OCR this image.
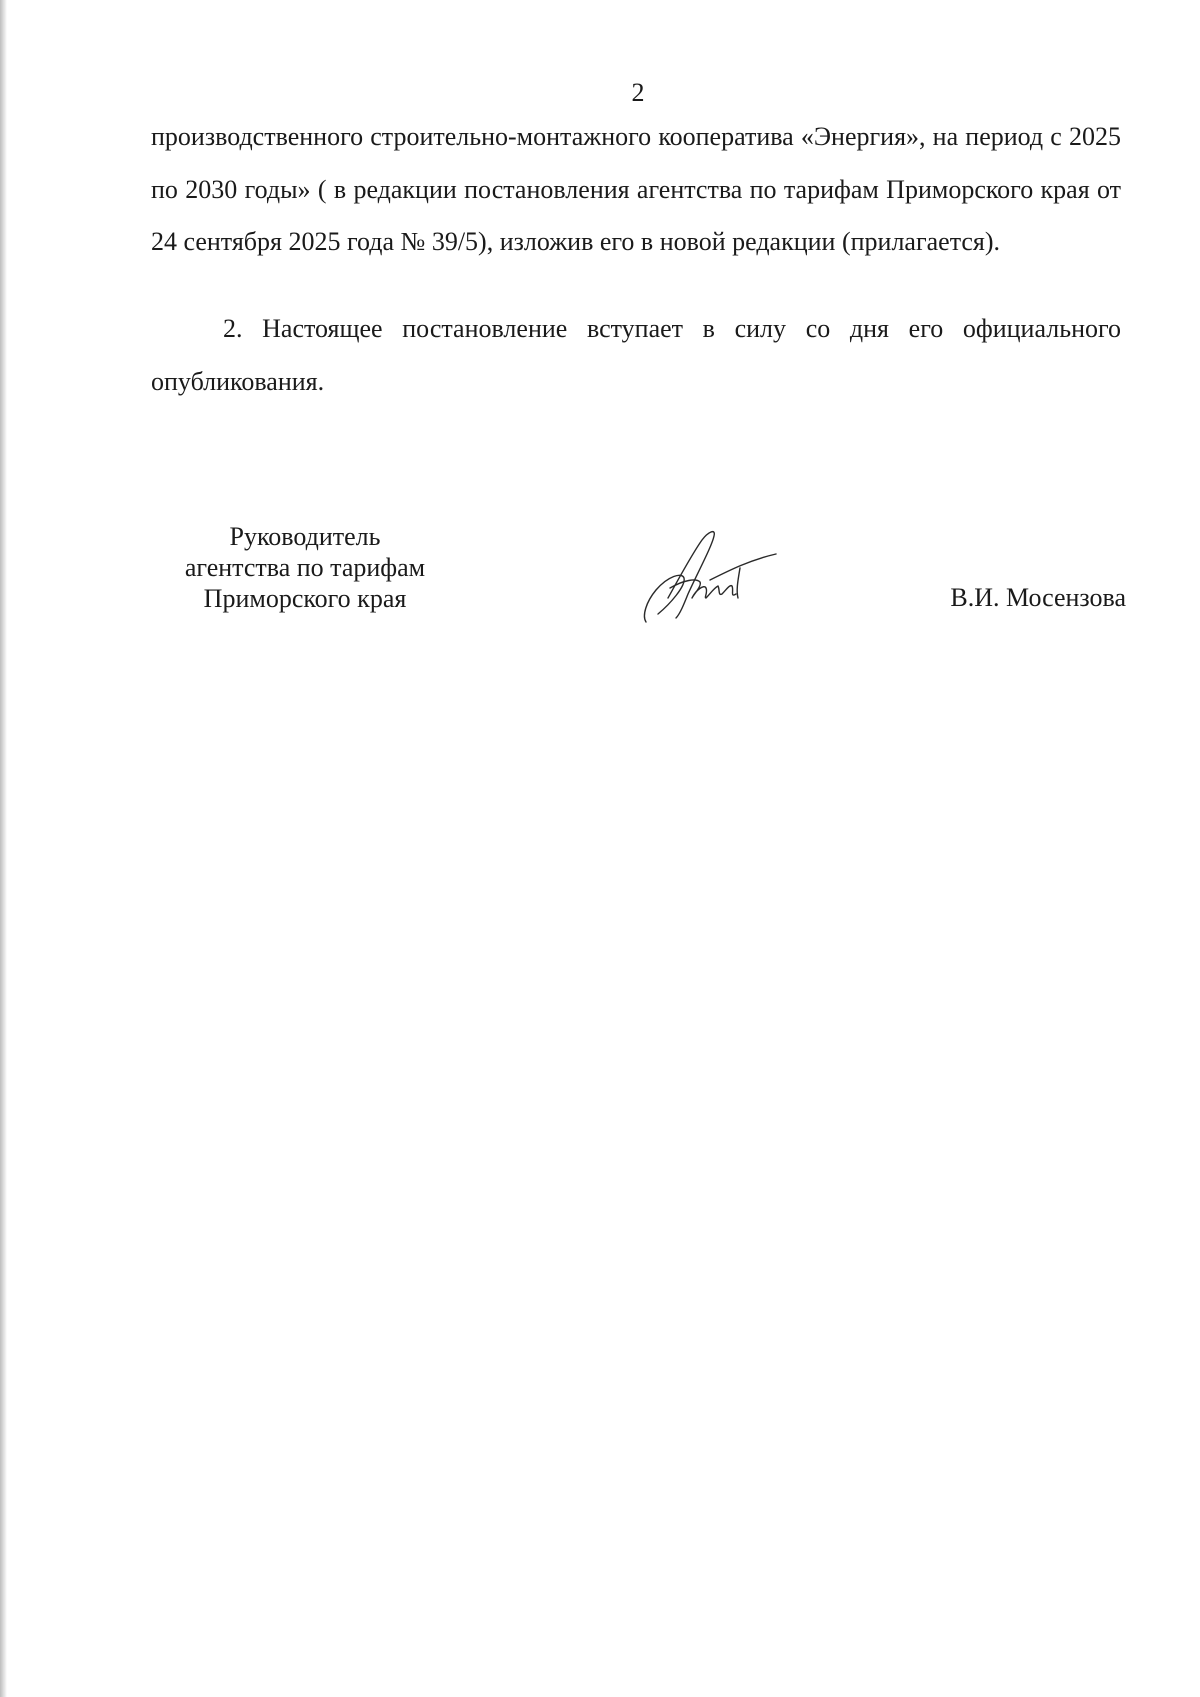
2
производственного строительно-монтажного кооператива «Энергия», на период с 2025 по 2030 годы» ( в редакции постановления агентства по тарифам Приморского края от 24 сентября 2025 года № 39/5), изложив его в новой редакции (прилагается).
2. Настоящее постановление вступает в силу со дня его официального опубликования.
Руководитель
агентства по тарифам
Приморского края	В.И. Мосензова
